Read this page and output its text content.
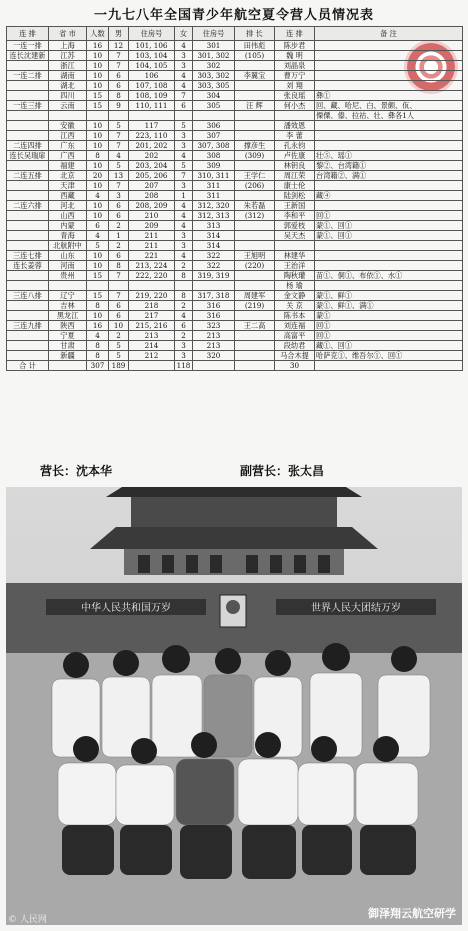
一九七八年全国青少年航空夏令营人员情况表
连 排	省 市	人数	男	住房号	女	住房号	排 长	连 排	备 注
一连一排	上海	16	12	101, 106	4	301	田伟彪	陈步君	
连长沈建新	江苏	10	7	103, 104	3	301, 302	(105)	魏 明	
	浙江	10	7	104, 105	3	302		刘晶泉	
一连二排	湖南	10	6	106	4	303, 302	李翼宝	曹万宁	
	湖北	10	6	107, 108	4	303, 305		刘 翔	
	四川	15	8	108, 109	7	304		张良瑶	彝①
一连三排	云南	15	9	110, 111	6	305	汪 辉	何小杰	回、藏、哈尼、白、景颇、佤、
									傈僳、傣、拉祜、壮、彝各1人
	安徽	10	5	117	5	306		潘效恩	
	江西	10	7	223, 110	3	307		李 蕾	
二连四排	广东	10	7	201, 202	3	307, 308	撑彦生	孔永钧	
连长吴瑞扉	广西	8	4	202	4	308	(309)	卢佐康	壮⑤、瑶①
	福建	10	5	203, 204	5	309		林钥良	黎②、台湾籍①
二连五排	北京	20	13	205, 206	7	310, 311	王学仁	周江荣	台湾籍②、满①
	天津	10	7	207	3	311	(206)	康士伦	
	西藏	4	3	208	1	311		陆剑松	藏④
二连六排	河北	10	6	208, 209	4	312, 320	朱若磊	王新国	
	山西	10	6	210	4	312, 313	(312)	李和平	回①
	内蒙	6	2	209	4	313		郭爱枝	蒙①、回①
	青海	4	1	211	3	314		吴天杰	蒙①、回①
	北航附中	5	2	211	3	314			
三连七排	山东	10	6	221	4	322	王旭明	林建华	
连长姜蓉	河南	10	8	213, 224	2	322	(220)	王治洋	
	贵州	15	7	222, 220	8	319, 319		陶秋瓘	苗①、侗①、布依①、水①
								杨 瑜	
三连八排	辽宁	15	7	219, 220	8	317, 318	周建军	金文静	蒙①、鲜①
	吉林	8	6	218	2	316	(219)	关 京	蒙①、鲜①、满①
	黑龙江	10	6	217	4	316		陈书本	蒙①
三连九排	陕西	16	10	215, 216	6	323	王二高	刘连福	回①
	宁夏	4	2	213	2	213		高富平	回①
	甘肃	8	5	214	3	213		段幼君	藏①、回①
	新疆	8	5	212	3	320		马合木提	哈萨克①、维吾尔①、回①
合 计		307	189		118			30	
营长：沈本华	副营长：张太昌
中华人民共和国万岁	世界人民大团结万岁
© 人民网	御泽翔云航空研学
